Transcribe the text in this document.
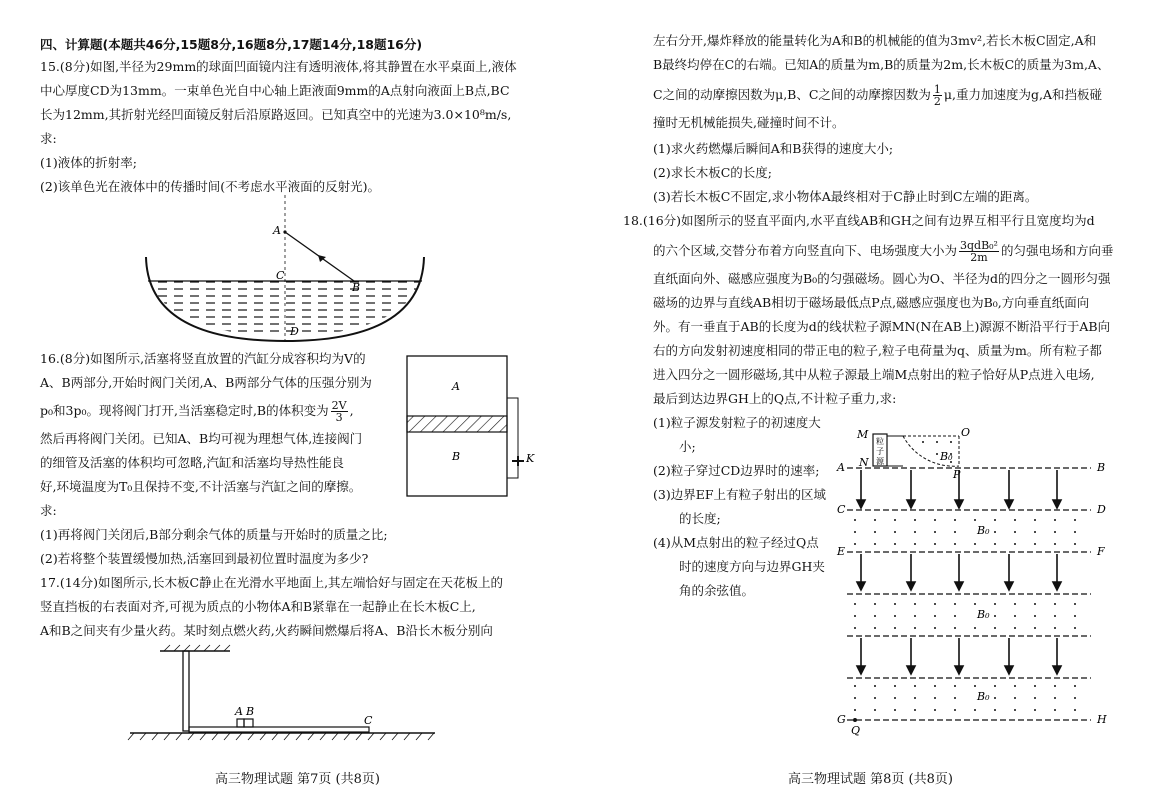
四、计算题(本题共46分,15题8分,16题8分,17题14分,18题16分)
15.(8分)如图,半径为29mm的球面凹面镜内注有透明液体,将其静置在水平桌面上,液体
中心厚度CD为13mm。一束单色光自中心轴上距液面9mm的A点射向液面上B点,BC
长为12mm,其折射光经凹面镜反射后沿原路返回。已知真空中的光速为3.0×10⁸m/s,
求:
(1)液体的折射率;
(2)该单色光在液体中的传播时间(不考虑水平液面的反射光)。
A
B
C
D
16.(8分)如图所示,活塞将竖直放置的汽缸分成容积均为V的
A、B两部分,开始时阀门关闭,A、B两部分气体的压强分别为
p₀和3p₀。现将阀门打开,当活塞稳定时,B的体积变为 $\frac{2V}{3}$ ,
然后再将阀门关闭。已知A、B均可视为理想气体,连接阀门
的细管及活塞的体积均可忽略,汽缸和活塞均导热性能良
好,环境温度为T₀且保持不变,不计活塞与汽缸之间的摩擦。
求:
(1)再将阀门关闭后,B部分剩余气体的质量与开始时的质量之比;
(2)若将整个装置缓慢加热,活塞回到最初位置时温度为多少?
A
B	K
17.(14分)如图所示,长木板C静止在光滑水平地面上,其左端恰好与固定在天花板上的
竖直挡板的右表面对齐,可视为质点的小物体A和B紧靠在一起静止在长木板C上,
A和B之间夹有少量火药。某时刻点燃火药,火药瞬间燃爆后将A、B沿长木板分别向
A B
C
高三物理试题 第7页 (共8页)
左右分开,爆炸释放的能量转化为A和B的机械能的值为3mv²,若长木板C固定,A和
B最终均停在C的右端。已知A的质量为m,B的质量为2m,长木板C的质量为3m,A、
C之间的动摩擦因数为μ,B、C之间的动摩擦因数为 $\frac{1}{2} \mu$,重力加速度为g,A和挡板碰
撞时无机械能损失,碰撞时间不计。
(1)求火药燃爆后瞬间A和B获得的速度大小;
(2)求长木板C的长度;
(3)若长木板C不固定,求小物体A最终相对于C静止时到C左端的距离。
18.(16分)如图所示的竖直平面内,水平直线AB和GH之间有边界互相平行且宽度均为d
的六个区域,交替分布着方向竖直向下、电场强度大小为 $\frac{\text{3qdB₀²}}{2m}$ 的匀强电场和方向垂
直纸面向外、磁感应强度为B₀的匀强磁场。圆心为O、半径为d的四分之一圆形匀强
磁场的边界与直线AB相切于磁场最低点P点,磁感应强度也为B₀,方向垂直纸面向
外。有一垂直于AB的长度为d的线状粒子源MN(N在AB上)源源不断沿平行于AB向
右的方向发射初速度相同的带正电的粒子,粒子电荷量为q、质量为m。所有粒子都
进入四分之一圆形磁场,其中从粒子源最上端M点射出的粒子恰好从P点进入电场,
最后到达边界GH上的Q点,不计粒子重力,求:
(1)粒子源发射粒子的初速度大
小;
(2)粒子穿过CD边界时的速率;
(3)边界EF上有粒子射出的区域
的长度;
(4)从M点射出的粒子经过Q点
时的速度方向与边界GH夹
角的余弦值。
粒
子
源	B₀
O
M
N
P
A	B
C	D
B₀
E	F
B₀
B₀
G	H
Q
高三物理试题 第8页 (共8页)
